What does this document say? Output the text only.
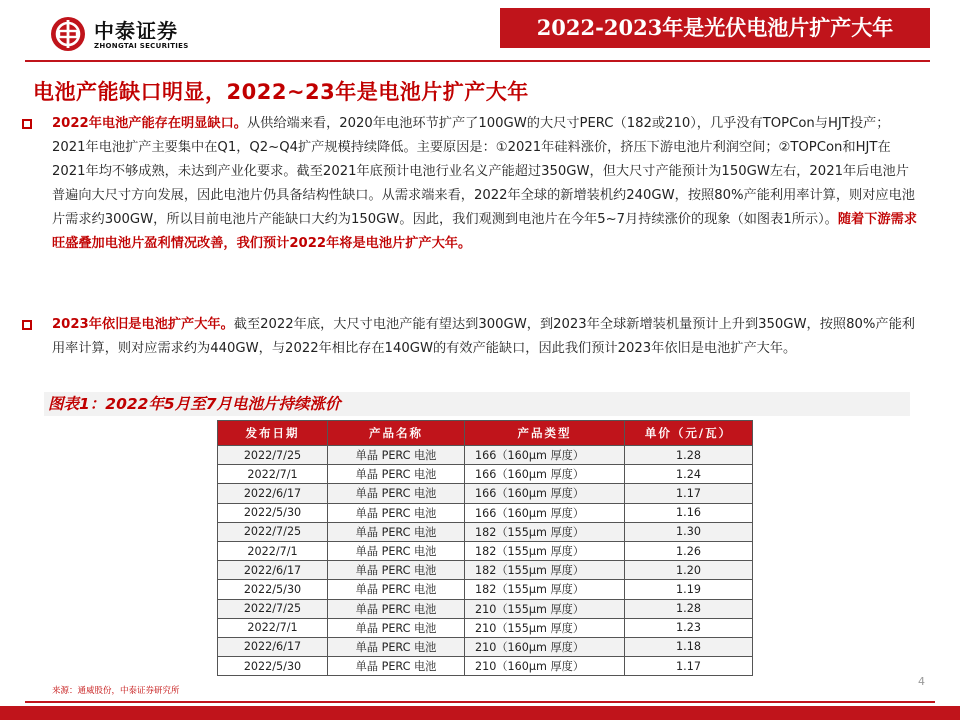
中泰证券
ZHONGTAI SECURITIES
2022-2023年是光伏电池片扩产大年
电池产能缺口明显，2022~23年是电池片扩产大年
2022年电池产能存在明显缺口。从供给端来看，2020年电池环节扩产了100GW的大尺寸PERC（182或210），几乎没有TOPCon与HJT投产；2021年电池扩产主要集中在Q1，Q2~Q4扩产规模持续降低。主要原因是：①2021年硅料涨价，挤压下游电池片利润空间；②TOPCon和HJT在2021年均不够成熟，未达到产业化要求。截至2021年底预计电池行业名义产能超过350GW，但大尺寸产能预计为150GW左右，2021年后电池片普遍向大尺寸方向发展，因此电池片仍具备结构性缺口。从需求端来看，2022年全球的新增装机约240GW，按照80%产能利用率计算，则对应电池片需求约300GW，所以目前电池片产能缺口大约为150GW。因此，我们观测到电池片在今年5~7月持续涨价的现象（如图表1所示）。随着下游需求旺盛叠加电池片盈利情况改善，我们预计2022年将是电池片扩产大年。
2023年依旧是电池扩产大年。截至2022年底，大尺寸电池产能有望达到300GW，到2023年全球新增装机量预计上升到350GW，按照80%产能利用率计算，则对应需求约为440GW，与2022年相比存在140GW的有效产能缺口，因此我们预计2023年依旧是电池扩产大年。
图表1：2022年5月至7月电池片持续涨价
发布日期	产品名称	产品类型	单价（元/瓦）
2022/7/25	单晶 PERC 电池	166（160μm 厚度）	1.28
2022/7/1	单晶 PERC 电池	166（160μm 厚度）	1.24
2022/6/17	单晶 PERC 电池	166（160μm 厚度）	1.17
2022/5/30	单晶 PERC 电池	166（160μm 厚度）	1.16
2022/7/25	单晶 PERC 电池	182（155μm 厚度）	1.30
2022/7/1	单晶 PERC 电池	182（155μm 厚度）	1.26
2022/6/17	单晶 PERC 电池	182（155μm 厚度）	1.20
2022/5/30	单晶 PERC 电池	182（155μm 厚度）	1.19
2022/7/25	单晶 PERC 电池	210（155μm 厚度）	1.28
2022/7/1	单晶 PERC 电池	210（155μm 厚度）	1.23
2022/6/17	单晶 PERC 电池	210（160μm 厚度）	1.18
2022/5/30	单晶 PERC 电池	210（160μm 厚度）	1.17
来源：通威股份，中泰证券研究所
4
